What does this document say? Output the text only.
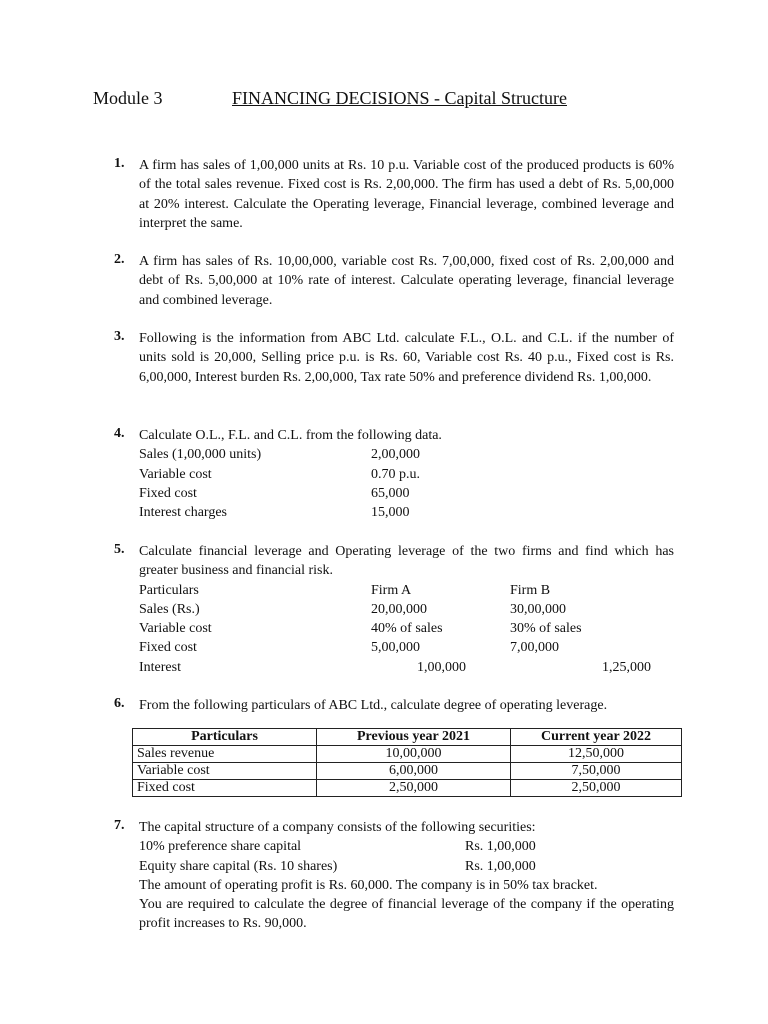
Module 3	FINANCING DECISIONS - Capital Structure
1.	A firm has sales of 1,00,000 units at Rs. 10 p.u. Variable cost of the produced products is 60% of the total sales revenue. Fixed cost is Rs. 2,00,000. The firm has used a debt of Rs. 5,00,000 at 20% interest. Calculate the Operating leverage, Financial leverage, combined leverage and interpret the same.
2.	A firm has sales of Rs. 10,00,000, variable cost Rs. 7,00,000, fixed cost of Rs. 2,00,000 and debt of Rs. 5,00,000 at 10% rate of interest. Calculate operating leverage, financial leverage and combined leverage.
3.	Following is the information from ABC Ltd. calculate F.L., O.L. and C.L. if the number of units sold is 20,000, Selling price p.u. is Rs. 60, Variable cost Rs. 40 p.u., Fixed cost is Rs. 6,00,000, Interest burden Rs. 2,00,000, Tax rate 50% and preference dividend Rs. 1,00,000.
4.	Calculate O.L., F.L. and C.L. from the following data.
Sales (1,00,000 units)	2,00,000
Variable cost	0.70 p.u.
Fixed cost	65,000
Interest charges	15,000
5.	Calculate financial leverage and Operating leverage of the two firms and find which has greater business and financial risk.
Particulars	Firm A	Firm B
Sales (Rs.)	20,00,000	30,00,000
Variable cost	40% of sales	30% of sales
Fixed cost	5,00,000	7,00,000
Interest	1,00,000	1,25,000
6.	From the following particulars of ABC Ltd., calculate degree of operating leverage.
Particulars	Previous year 2021	Current year 2022
Sales revenue	10,00,000	12,50,000
Variable cost	6,00,000	7,50,000
Fixed cost	2,50,000	2,50,000
7.	The capital structure of a company consists of the following securities:
10% preference share capital	Rs. 1,00,000
Equity share capital (Rs. 10 shares)	Rs. 1,00,000
The amount of operating profit is Rs. 60,000. The company is in 50% tax bracket.
You are required to calculate the degree of financial leverage of the company if the operating profit increases to Rs. 90,000.
